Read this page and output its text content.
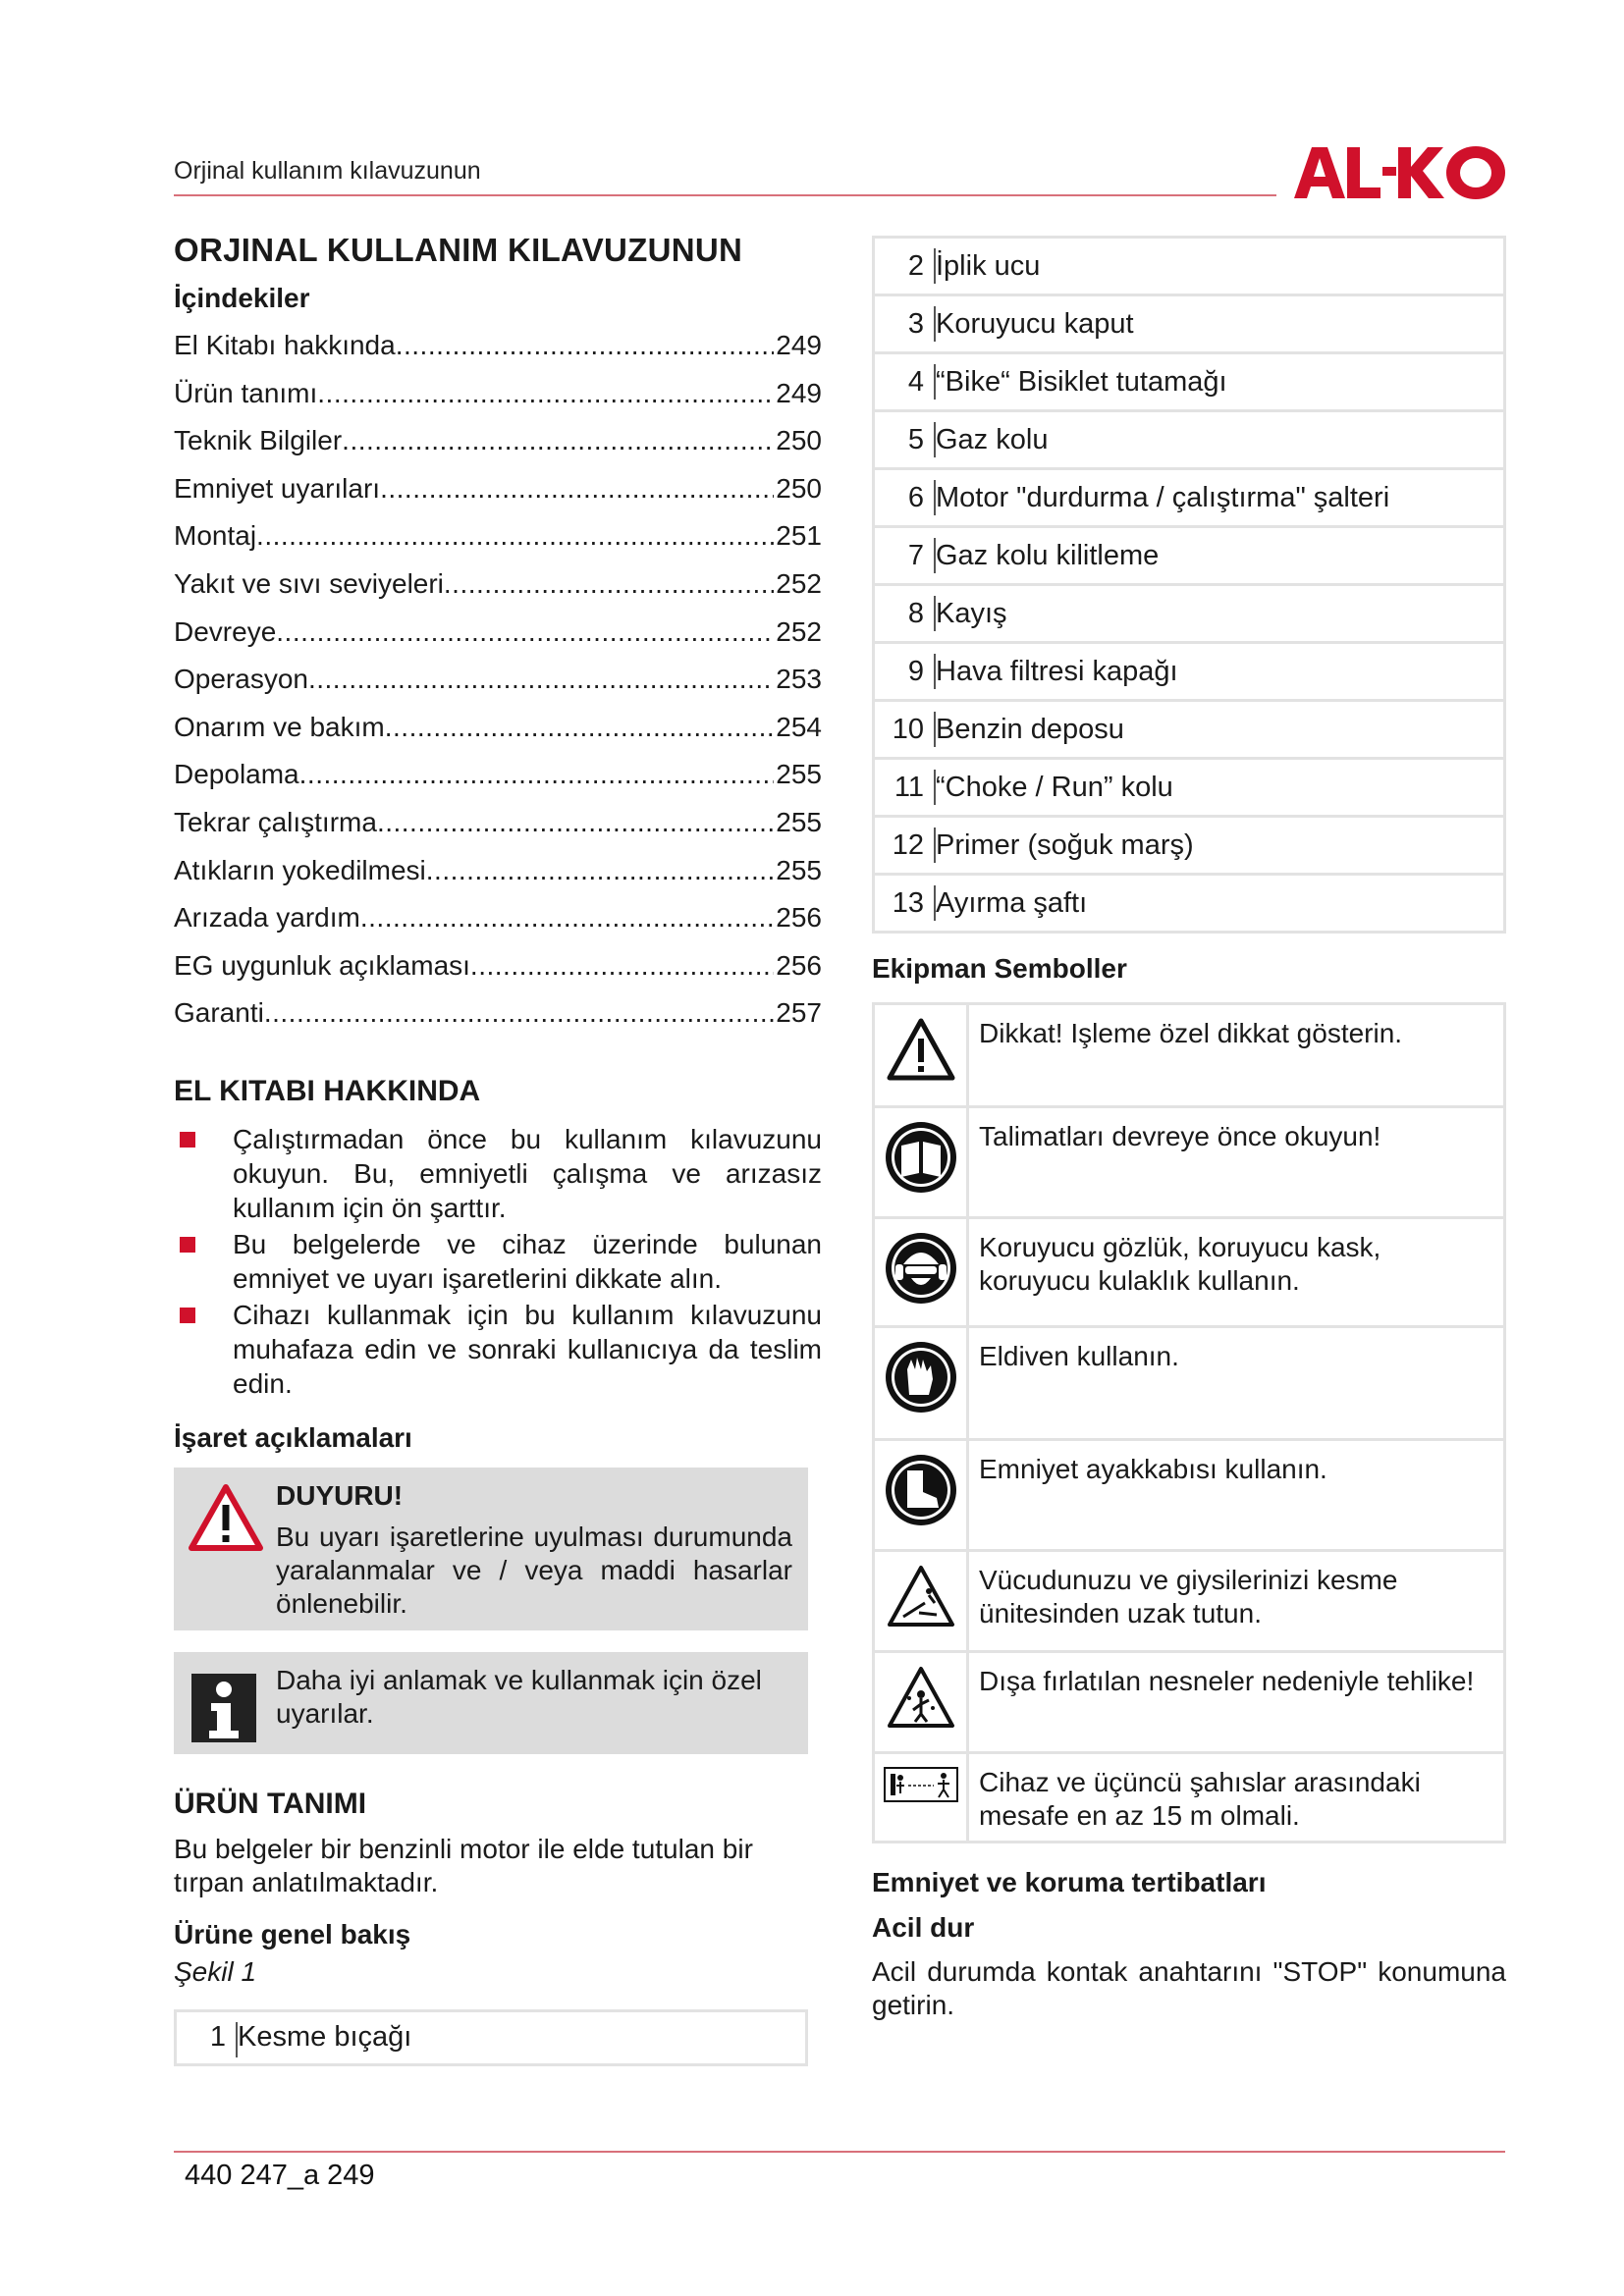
Orjinal kullanım kılavuzunun
ORJINAL KULLANIM KILAVUZUNUN
İçindekiler
El Kitabı hakkında .....	249
Ürün tanımı .....	249
Teknik Bilgiler .....	250
Emniyet uyarıları .....	250
Montaj .....	251
Yakıt ve sıvı seviyeleri .....	252
Devreye .....	252
Operasyon .....	253
Onarım ve bakım .....	254
Depolama .....	255
Tekrar çalıştırma .....	255
Atıkların yokedilmesi .....	255
Arızada yardım .....	256
EG uygunluk açıklaması .....	256
Garanti .....	257
EL KITABI HAKKINDA
Çalıştırmadan önce bu kullanım kılavuzunu okuyun. Bu, emniyetli çalışma ve arızasız kullanım için ön şarttır.
Bu belgelerde ve cihaz üzerinde bulunan emniyet ve uyarı işaretlerini dikkate alın.
Cihazı kullanmak için bu kullanım kılavuzunu muhafaza edin ve sonraki kullanıcıya da teslim edin.
İşaret açıklamaları
DUYURU!
Bu uyarı işaretlerine uyulması durumunda yaralanmalar ve / veya maddi hasarlar önlenebilir.
Daha iyi anlamak ve kullanmak için özel uyarılar.
ÜRÜN TANIMI
Bu belgeler bir benzinli motor ile elde tutulan bir tırpan anlatılmaktadır.
Ürüne genel bakış
Şekil 1
1 Kesme bıçağı
2 İplik ucu
3 Koruyucu kaput
4 “Bike“ Bisiklet tutamağı
5 Gaz kolu
6 Motor "durdurma / çalıştırma" şalteri
7 Gaz kolu kilitleme
8 Kayış
9 Hava filtresi kapağı
10 Benzin deposu
11 “Choke / Run” kolu
12 Primer (soğuk marş)
13 Ayırma şaftı
Ekipman Semboller
Dikkat! Işleme özel dikkat gösterin.
Talimatları devreye önce okuyun!
Koruyucu gözlük, koruyucu kask, koruyucu kulaklık kullanın.
Eldiven kullanın.
Emniyet ayakkabısı kullanın.
Vücudunuzu ve giysilerinizi kesme ünitesinden uzak tutun.
Dışa fırlatılan nesneler nedeniyle tehlike!
Cihaz ve üçüncü şahıslar arasındaki mesafe en az 15 m olmali.
Emniyet ve koruma tertibatları
Acil dur
Acil durumda kontak anahtarını "STOP" konumuna getirin.
440 247_a 249
